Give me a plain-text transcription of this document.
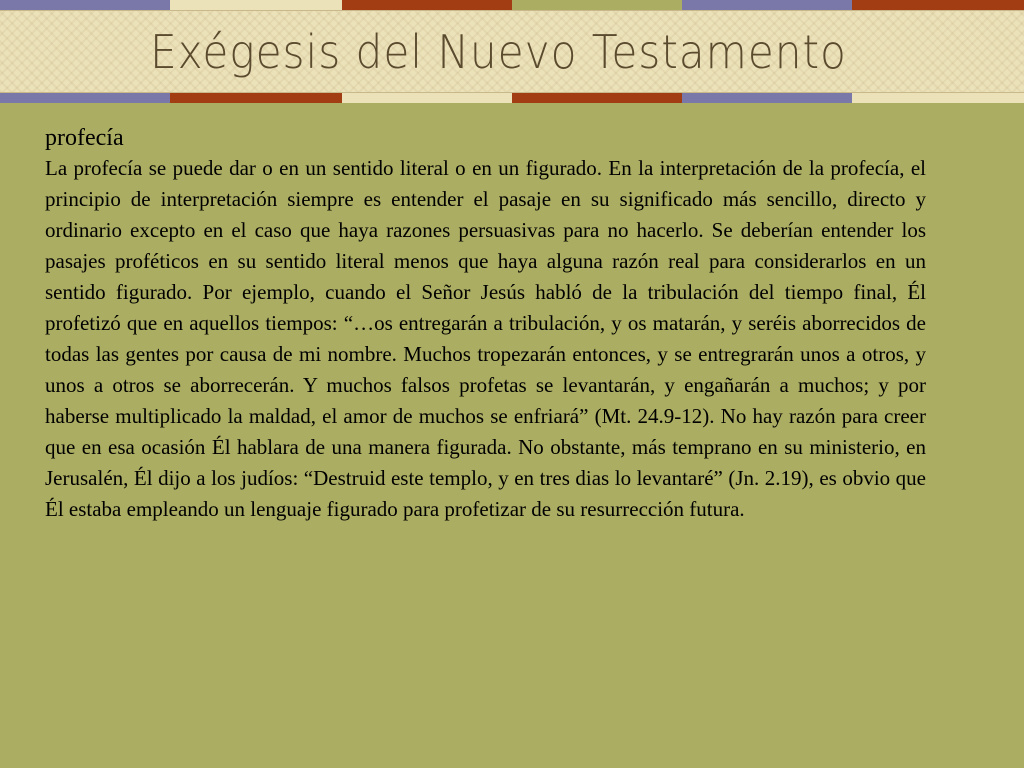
Exégesis del Nuevo Testamento

profecía

La profecía se puede dar o en un sentido literal o en un figurado. En la interpretación de la profecía, el principio de interpretación siempre es entender el pasaje en su significado más sencillo, directo y ordinario excepto en el caso que haya razones persuasivas para no hacerlo. Se deberían entender los pasajes proféticos en su sentido literal menos que haya alguna razón real para considerarlos en un sentido figurado. Por ejemplo, cuando el Señor Jesús habló de la tribulación del tiempo final, Él profetizó que en aquellos tiempos: “…os entregarán a tribulación, y os matarán, y seréis aborrecidos de todas las gentes por causa de mi nombre. Muchos tropezarán entonces, y se entregrarán unos a otros, y unos a otros se aborrecerán. Y muchos falsos profetas se levantarán, y engañarán a muchos; y por haberse multiplicado la maldad, el amor de muchos se enfriará” (Mt. 24.9-12). No hay razón para creer que en esa ocasión Él hablara de una manera figurada. No obstante, más temprano en su ministerio, en Jerusalén, Él dijo a los judíos: “Destruid este templo, y en tres dias lo levantaré” (Jn. 2.19), es obvio que Él estaba empleando un lenguaje figurado para profetizar de su resurrección futura.
